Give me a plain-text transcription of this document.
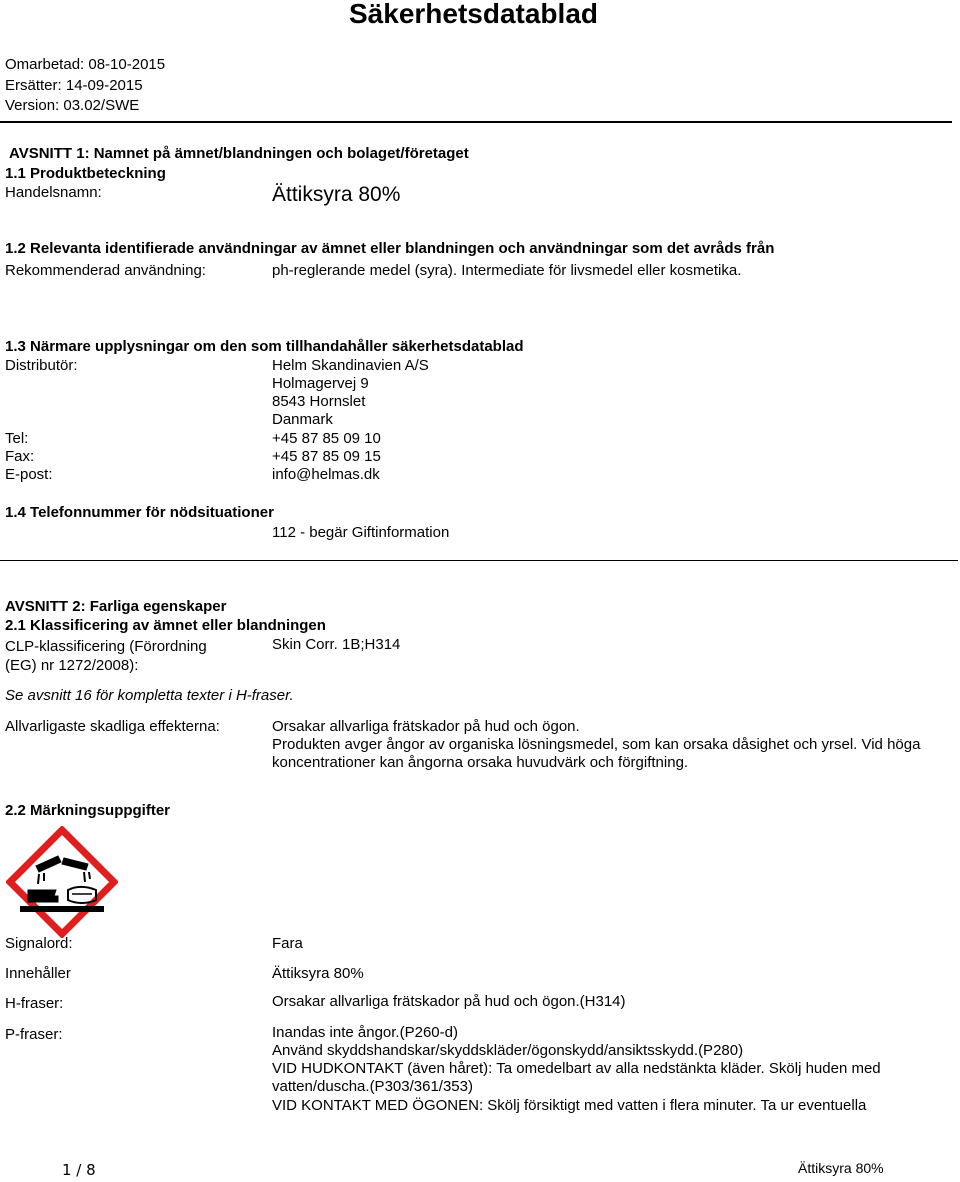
Säkerhetsdatablad
Omarbetad: 08-10-2015
Ersätter: 14-09-2015
Version: 03.02/SWE
AVSNITT 1: Namnet på ämnet/blandningen och bolaget/företaget
1.1 Produktbeteckning
Handelsnamn:	Ättiksyra 80%
1.2 Relevanta identifierade användningar av ämnet eller blandningen och användningar som det avråds från
Rekommenderad användning:	ph-reglerande medel (syra). Intermediate för livsmedel eller kosmetika.
1.3 Närmare upplysningar om den som tillhandahåller säkerhetsdatablad
Distributör:	Helm Skandinavien A/S
Holmagervej 9
8543 Hornslet
Danmark
Tel:	+45 87 85 09 10
Fax:	+45 87 85 09 15
E-post:	info@helmas.dk
1.4 Telefonnummer för nödsituationer
112 - begär Giftinformation
AVSNITT 2: Farliga egenskaper
2.1 Klassificering av ämnet eller blandningen
CLP-klassificering (Förordning
(EG) nr 1272/2008):
Skin Corr. 1B;H314
Se avsnitt 16 för kompletta texter i H-fraser.
Allvarligaste skadliga effekterna:	Orsakar allvarliga frätskador på hud och ögon.
Produkten avger ångor av organiska lösningsmedel, som kan orsaka dåsighet och yrsel. Vid höga koncentrationer kan ångorna orsaka huvudvärk och förgiftning.
2.2 Märkningsuppgifter
Signalord:	Fara
Innehåller	Ättiksyra 80%
H-fraser:	Orsakar allvarliga frätskador på hud och ögon.(H314)
P-fraser:	Inandas inte ångor.(P260-d)
Använd skyddshandskar/skyddskläder/ögonskydd/ansiktsskydd.(P280)
VID HUDKONTAKT (även håret): Ta omedelbart av alla nedstänkta kläder. Skölj huden med vatten/duscha.(P303/361/353)
VID KONTAKT MED ÖGONEN: Skölj försiktigt med vatten i flera minuter. Ta ur eventuella
1 / 8	Ättiksyra 80%
